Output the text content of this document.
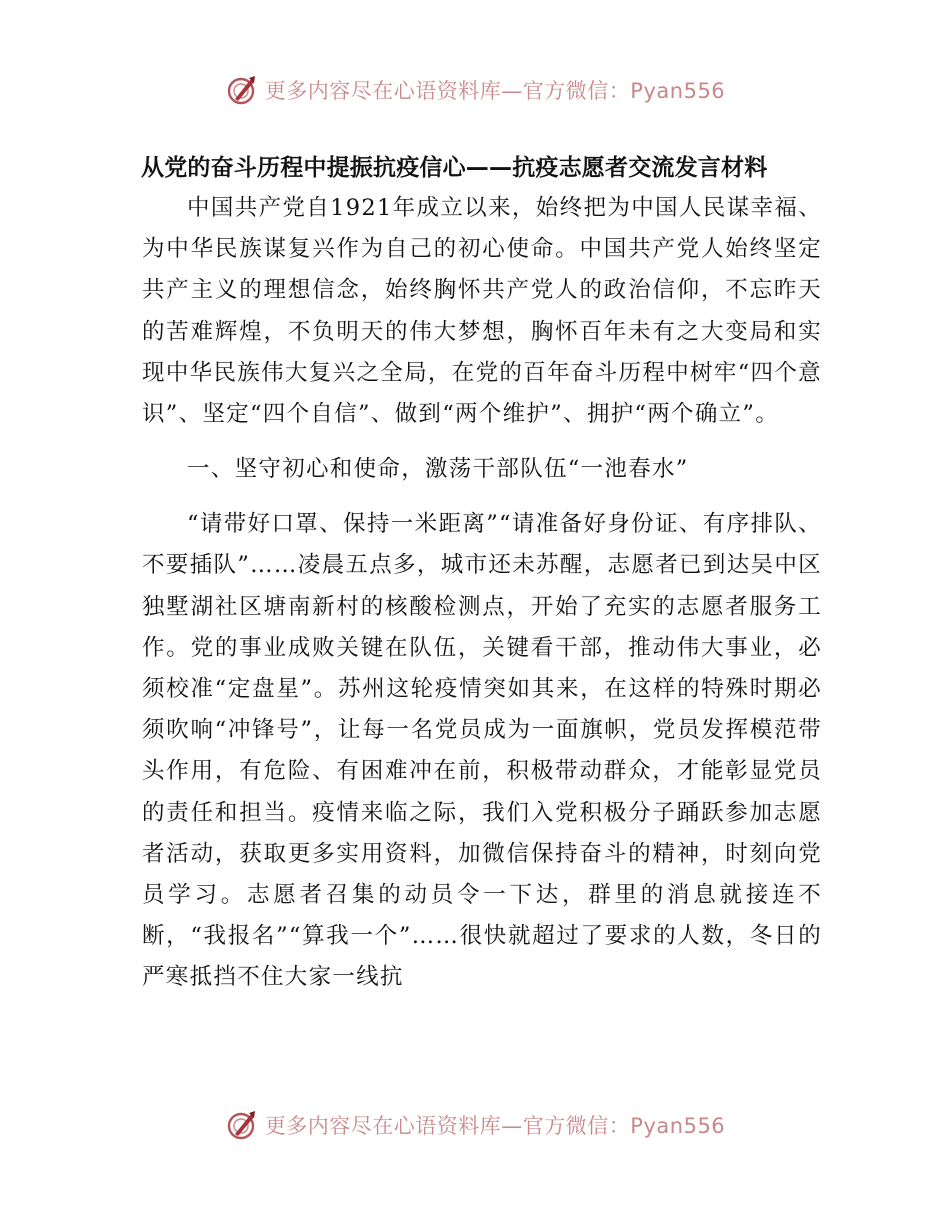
更多内容尽在心语资料库—官方微信：Pyan556
从党的奋斗历程中提振抗疫信心——抗疫志愿者交流发言材料

中国共产党自1921年成立以来，始终把为中国人民谋幸福、为中华民族谋复兴作为自己的初心使命。中国共产党人始终坚定共产主义的理想信念，始终胸怀共产党人的政治信仰，不忘昨天的苦难辉煌，不负明天的伟大梦想，胸怀百年未有之大变局和实现中华民族伟大复兴之全局，在党的百年奋斗历程中树牢“四个意识”、坚定“四个自信”、做到“两个维护”、拥护“两个确立”。

一、坚守初心和使命，激荡干部队伍“一池春水”

“请带好口罩、保持一米距离”“请准备好身份证、有序排队、不要插队”……凌晨五点多，城市还未苏醒，志愿者已到达吴中区独墅湖社区塘南新村的核酸检测点，开始了充实的志愿者服务工作。党的事业成败关键在队伍，关键看干部，推动伟大事业，必须校准“定盘星”。苏州这轮疫情突如其来，在这样的特殊时期必须吹响“冲锋号”，让每一名党员成为一面旗帜，党员发挥模范带头作用，有危险、有困难冲在前，积极带动群众，才能彰显党员的责任和担当。疫情来临之际，我们入党积极分子踊跃参加志愿者活动，获取更多实用资料，加微信保持奋斗的精神，时刻向党员学习。志愿者召集的动员令一下达，群里的消息就接连不断，“我报名”“算我一个”……很快就超过了要求的人数，冬日的严寒抵挡不住大家一线抗

更多内容尽在心语资料库—官方微信：Pyan556
